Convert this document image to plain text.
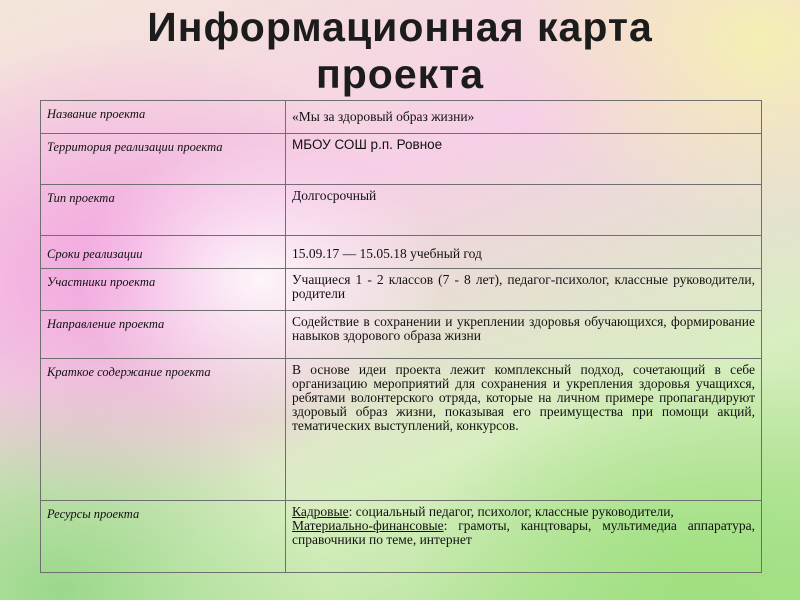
Информационная карта
проекта
Название проекта	«Мы за здоровый образ жизни»
Территория реализации проекта	МБОУ СОШ р.п. Ровное
Тип проекта	Долгосрочный
Сроки реализации	15.09.17 — 15.05.18 учебный год
Участники проекта	Учащиеся 1 - 2 классов (7 - 8 лет), педагог-психолог, классные руководители, родители
Направление проекта	Содействие в сохранении и укреплении здоровья обучающихся, формирование навыков здорового образа жизни
Краткое содержание проекта	В основе идеи проекта лежит комплексный подход, сочетающий в себе организацию мероприятий для сохранения и укрепления здоровья учащихся, ребятами волонтерского отряда, которые на личном примере пропагандируют здоровый образ жизни, показывая его преимущества при помощи акций, тематических выступлений, конкурсов.
Ресурсы проекта	Кадровые: социальный педагог, психолог, классные руководители,
Материально-финансовые: грамоты, канцтовары, мультимедиа аппаратура, справочники по теме, интернет
